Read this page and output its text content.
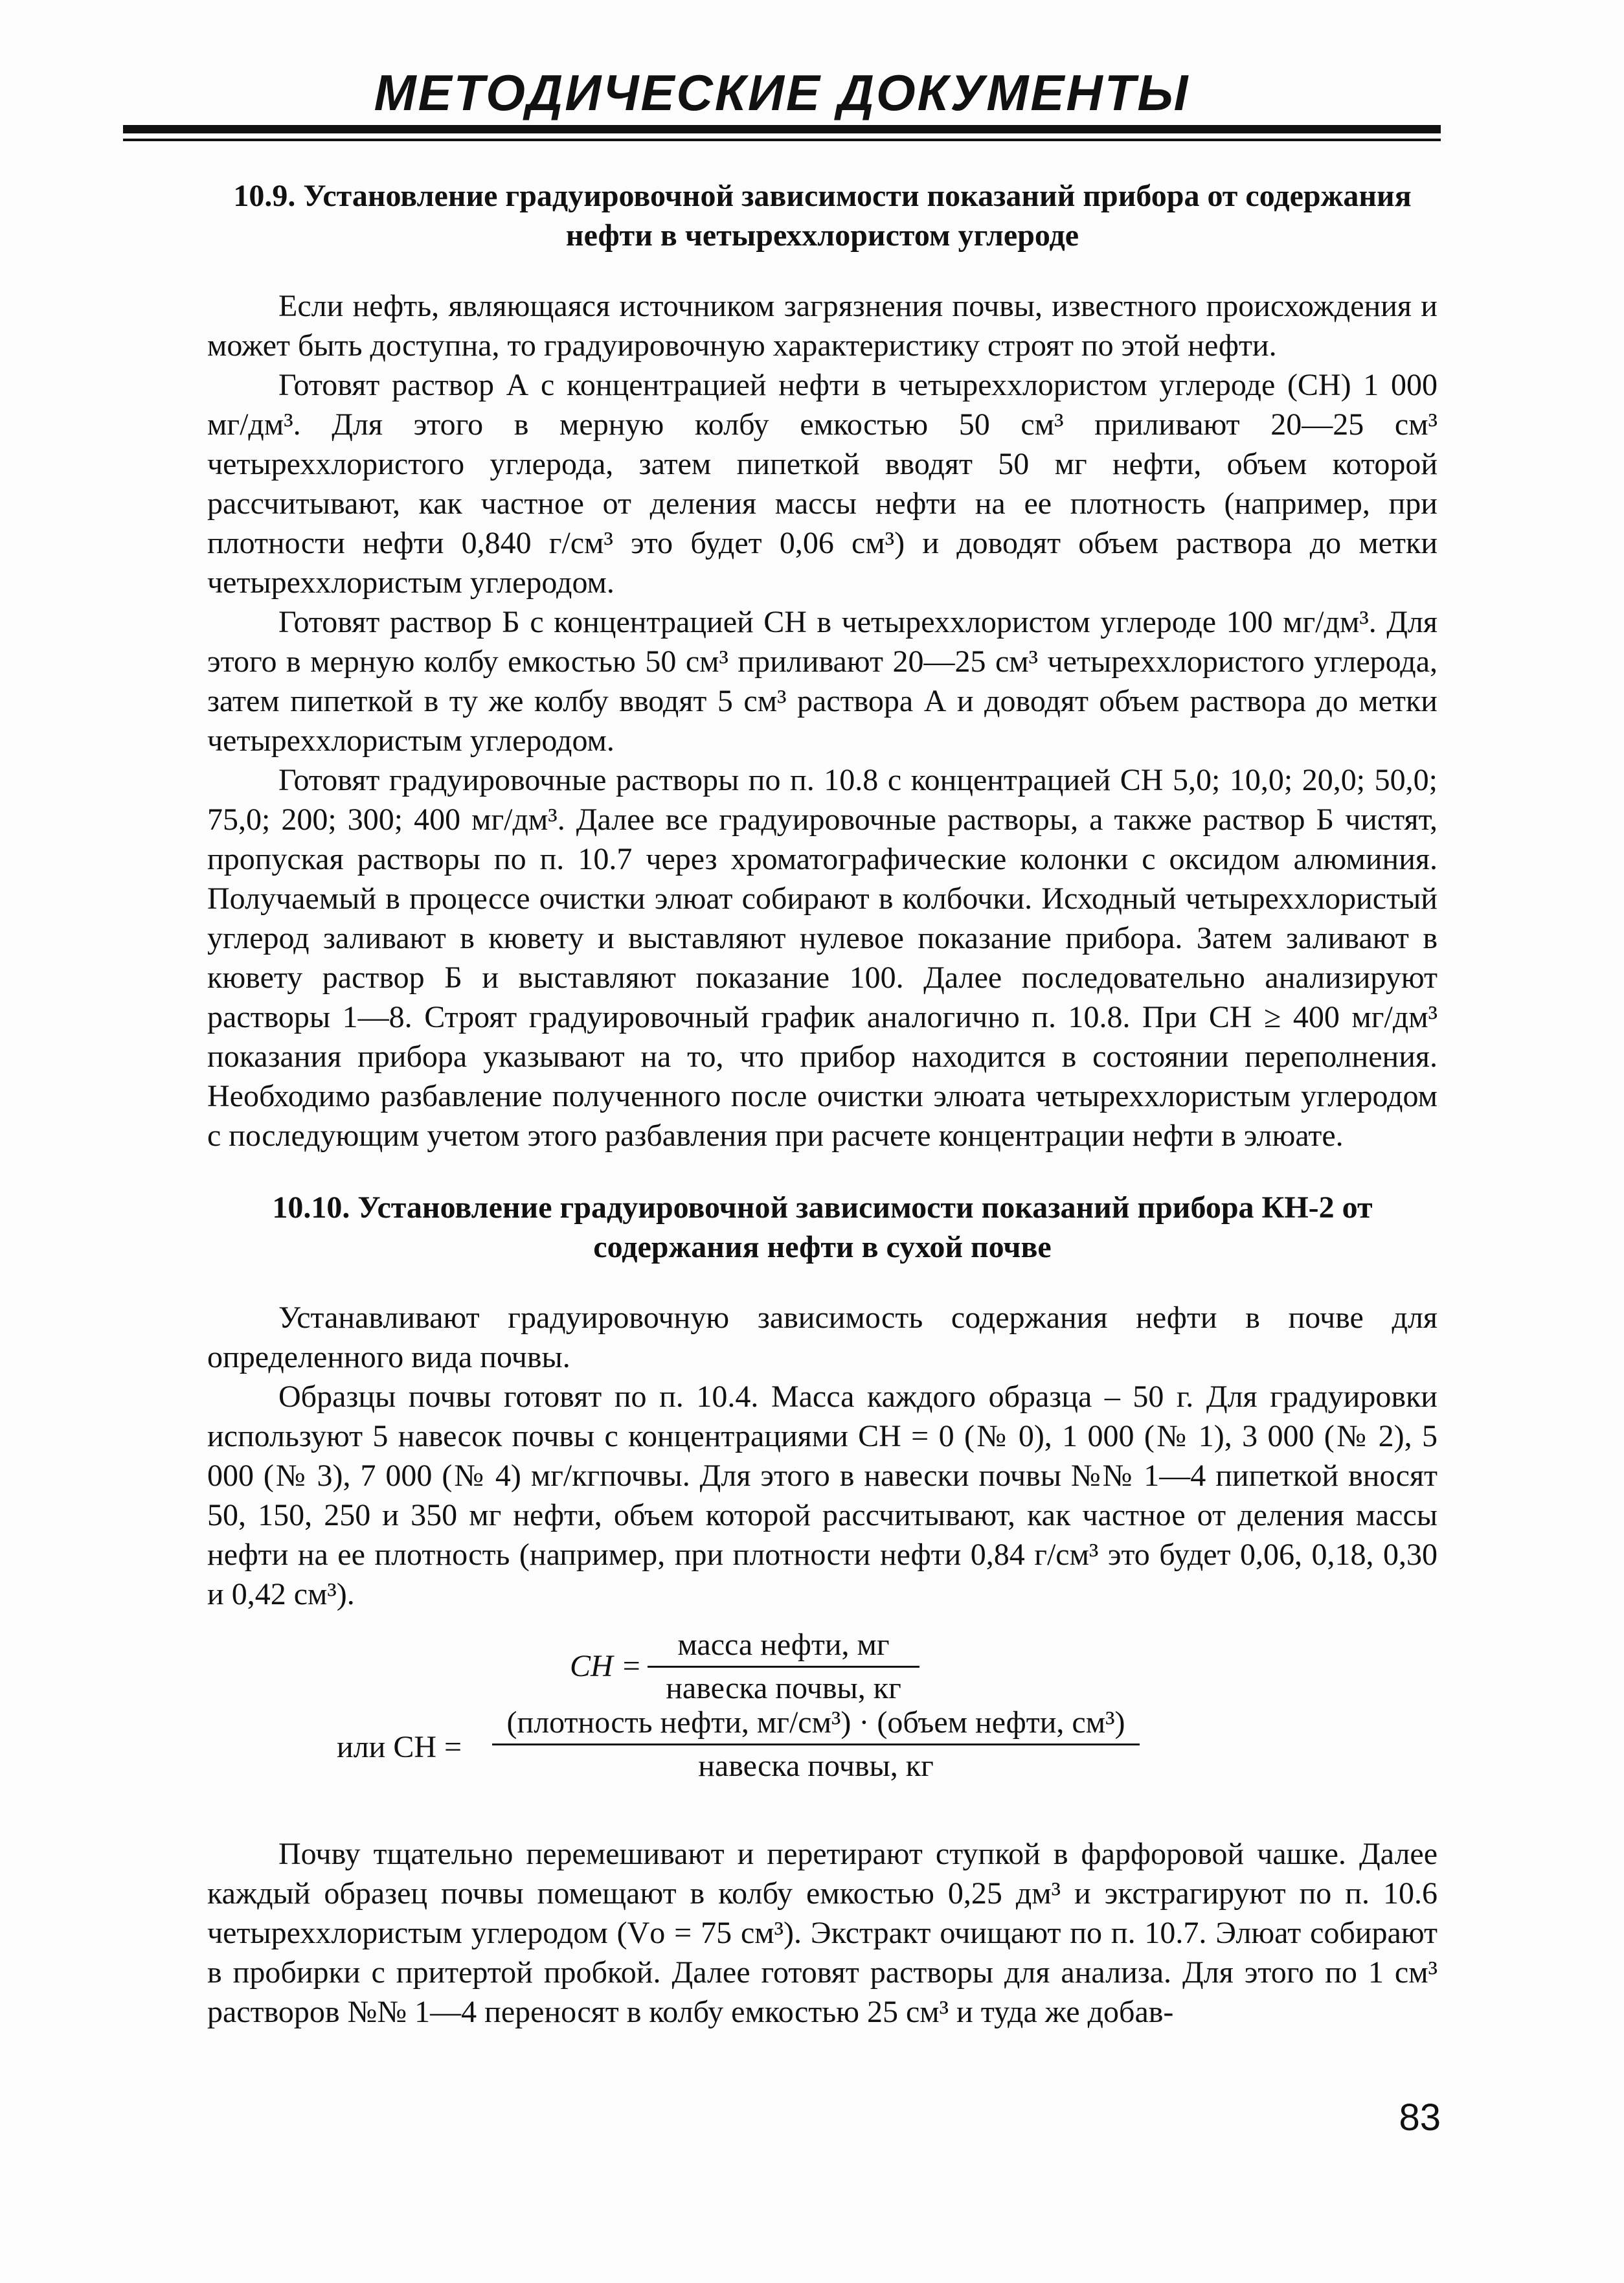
МЕТОДИЧЕСКИЕ ДОКУМЕНТЫ
10.9. Установление градуировочной зависимости показаний прибора от содержания нефти в четыреххлористом углероде

Если нефть, являющаяся источником загрязнения почвы, известного происхождения и может быть доступна, то градуировочную характеристику строят по этой нефти.

Готовят раствор А с концентрацией нефти в четыреххлористом углероде (CН) 1 000 мг/дм³. Для этого в мерную колбу емкостью 50 см³ приливают 20—25 см³ четыреххлористого углерода, затем пипеткой вводят 50 мг нефти, объем которой рассчитывают, как частное от деления массы нефти на ее плотность (например, при плотности нефти 0,840 г/см³ это будет 0,06 см³) и доводят объем раствора до метки четыреххлористым углеродом.

Готовят раствор Б с концентрацией CН в четыреххлористом углероде 100 мг/дм³. Для этого в мерную колбу емкостью 50 см³ приливают 20—25 см³ четыреххлористого углерода, затем пипеткой в ту же колбу вводят 5 см³ раствора А и доводят объем раствора до метки четыреххлористым углеродом.

Готовят градуировочные растворы по п. 10.8 с концентрацией CН 5,0; 10,0; 20,0; 50,0; 75,0; 200; 300; 400 мг/дм³. Далее все градуировочные растворы, а также раствор Б чистят, пропуская растворы по п. 10.7 через хроматографические колонки с оксидом алюминия. Получаемый в процессе очистки элюат собирают в колбочки. Исходный четыреххлористый углерод заливают в кювету и выставляют нулевое показание прибора. Затем заливают в кювету раствор Б и выставляют показание 100. Далее последовательно анализируют растворы 1—8. Строят градуировочный график аналогично п. 10.8. При CН ≥ 400 мг/дм³ показания прибора указывают на то, что прибор находится в состоянии переполнения. Необходимо разбавление полученного после очистки элюата четыреххлористым углеродом с последующим учетом этого разбавления при расчете концентрации нефти в элюате.

10.10. Установление градуировочной зависимости показаний прибора КН-2 от содержания нефти в сухой почве

Устанавливают градуировочную зависимость содержания нефти в почве для определенного вида почвы.

Образцы почвы готовят по п. 10.4. Масса каждого образца – 50 г. Для градуировки используют 5 навесок почвы с концентрациями CН = 0 (№ 0), 1 000 (№ 1), 3 000 (№ 2), 5 000 (№ 3), 7 000 (№ 4) мг/кгпочвы. Для этого в навески почвы №№ 1—4 пипеткой вносят 50, 150, 250 и 350 мг нефти, объем которой рассчитывают, как частное от деления массы нефти на ее плотность (например, при плотности нефти 0,84 г/см³ это будет 0,06, 0,18, 0,30 и 0,42 см³).

CН =
масса нефти, мг
навеска почвы, кг
или CН =
(плотность нефти, мг/см³) · (объем нефти, см³)
навеска почвы, кг

Почву тщательно перемешивают и перетирают ступкой в фарфоровой чашке. Далее каждый образец почвы помещают в колбу емкостью 0,25 дм³ и экстрагируют по п. 10.6 четыреххлористым углеродом (Vо = 75 см³). Экстракт очищают по п. 10.7. Элюат собирают в пробирки с притертой пробкой. Далее готовят растворы для анализа. Для этого по 1 см³ растворов №№ 1—4 переносят в колбу емкостью 25 см³ и туда же добав-

83
